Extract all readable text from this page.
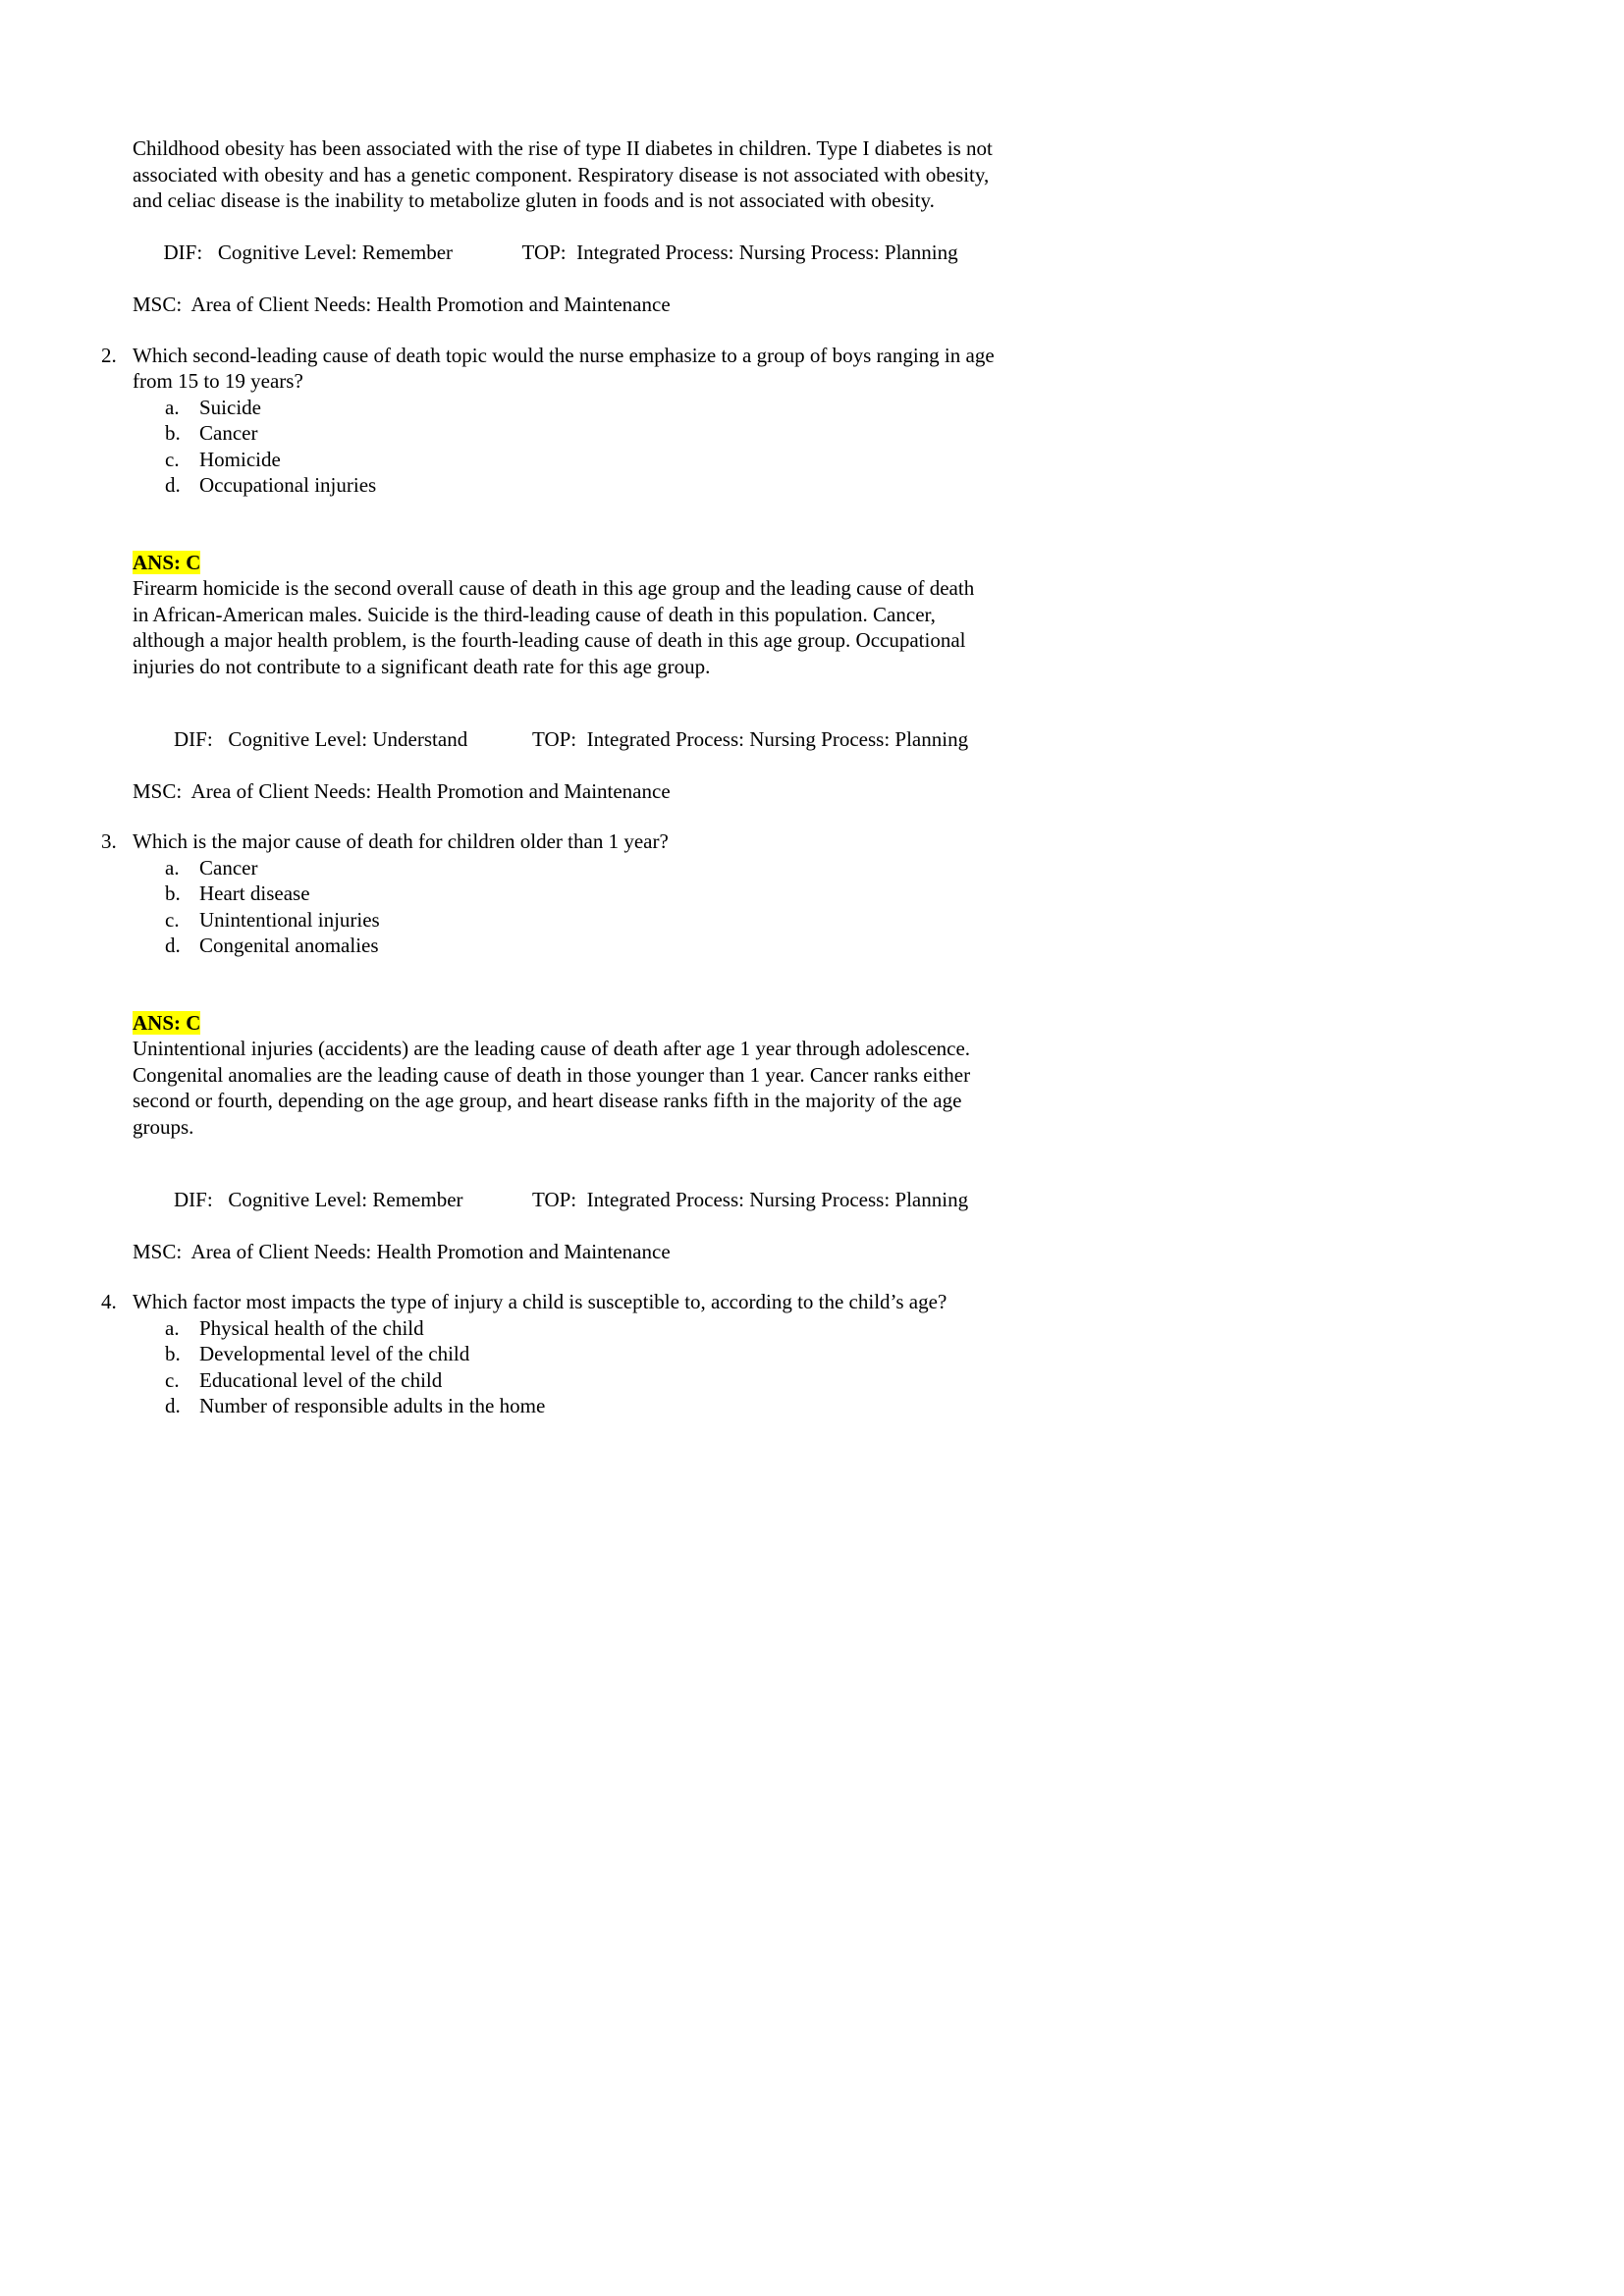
Childhood obesity has been associated with the rise of type II diabetes in children. Type I diabetes is not associated with obesity and has a genetic component. Respiratory disease is not associated with obesity, and celiac disease is the inability to metabolize gluten in foods and is not associated with obesity.

DIF:   Cognitive Level: Remember	TOP:  Integrated Process: Nursing Process: Planning

MSC:  Area of Client Needs: Health Promotion and Maintenance
2. Which second-leading cause of death topic would the nurse emphasize to a group of boys ranging in age from 15 to 19 years?
a. Suicide
b. Cancer
c. Homicide
d. Occupational injuries
ANS: C
Firearm homicide is the second overall cause of death in this age group and the leading cause of death in African-American males. Suicide is the third-leading cause of death in this population. Cancer, although a major health problem, is the fourth-leading cause of death in this age group. Occupational injuries do not contribute to a significant death rate for this age group.

DIF:   Cognitive Level: Understand	TOP:  Integrated Process: Nursing Process: Planning

MSC:  Area of Client Needs: Health Promotion and Maintenance
3. Which is the major cause of death for children older than 1 year?
a. Cancer
b. Heart disease
c. Unintentional injuries
d. Congenital anomalies
ANS: C
Unintentional injuries (accidents) are the leading cause of death after age 1 year through adolescence. Congenital anomalies are the leading cause of death in those younger than 1 year. Cancer ranks either second or fourth, depending on the age group, and heart disease ranks fifth in the majority of the age groups.

DIF:   Cognitive Level: Remember	TOP:  Integrated Process: Nursing Process: Planning

MSC:  Area of Client Needs: Health Promotion and Maintenance
4. Which factor most impacts the type of injury a child is susceptible to, according to the child’s age?
a. Physical health of the child
b. Developmental level of the child
c. Educational level of the child
d. Number of responsible adults in the home
